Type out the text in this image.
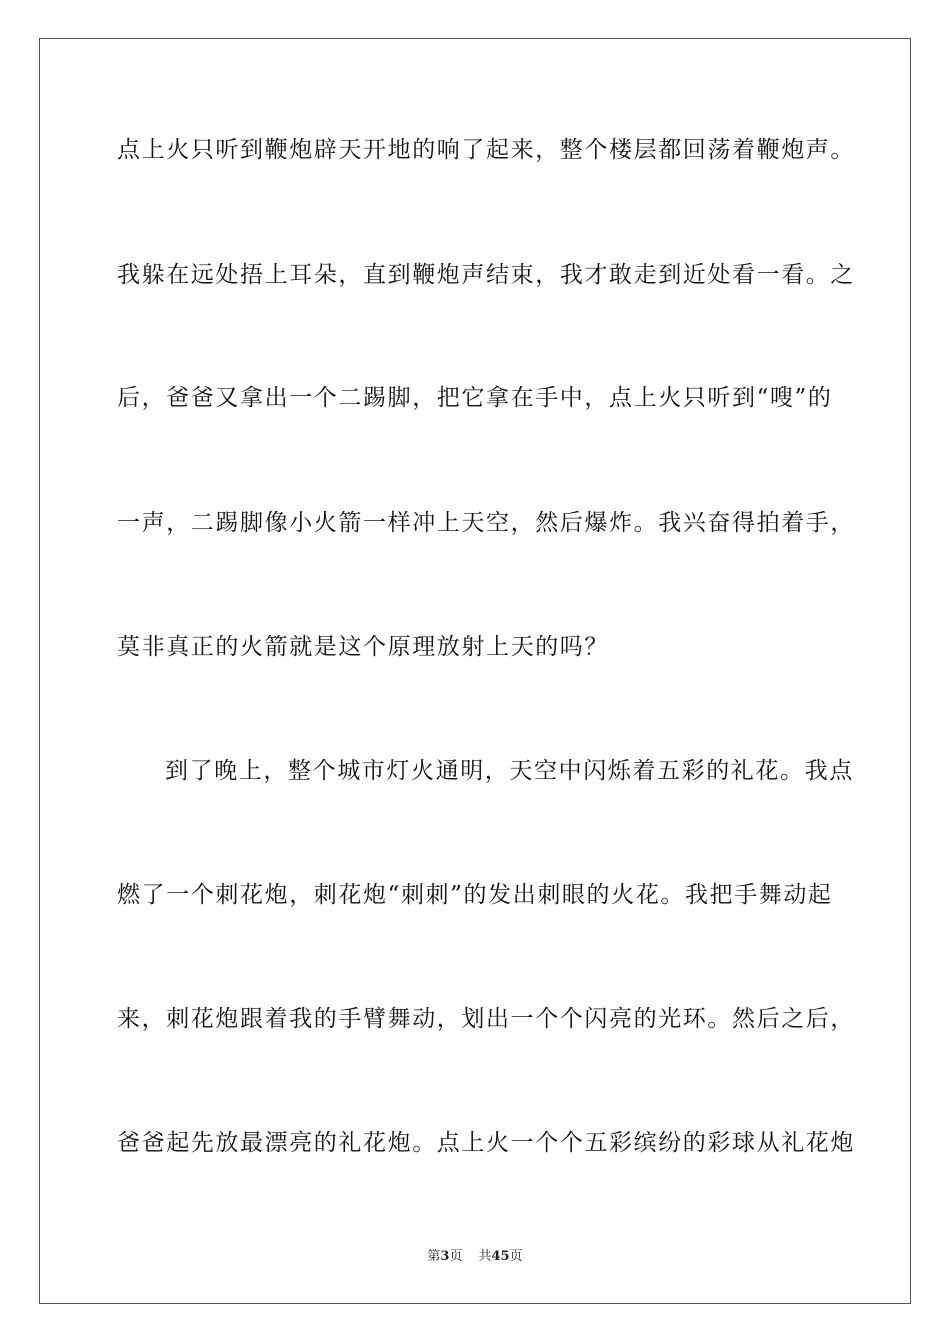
点上火只听到鞭炮辟天开地的响了起来，整个楼层都回荡着鞭炮声。
我躲在远处捂上耳朵，直到鞭炮声结束，我才敢走到近处看一看。之
后，爸爸又拿出一个二踢脚，把它拿在手中，点上火只听到“嗖”的
一声，二踢脚像小火箭一样冲上天空，然后爆炸。我兴奋得拍着手，
莫非真正的火箭就是这个原理放射上天的吗？
到了晚上，整个城市灯火通明，天空中闪烁着五彩的礼花。我点
燃了一个刺花炮，刺花炮“刺刺”的发出刺眼的火花。我把手舞动起
来，刺花炮跟着我的手臂舞动，划出一个个闪亮的光环。然后之后，
爸爸起先放最漂亮的礼花炮。点上火一个个五彩缤纷的彩球从礼花炮
第3页 共45页
